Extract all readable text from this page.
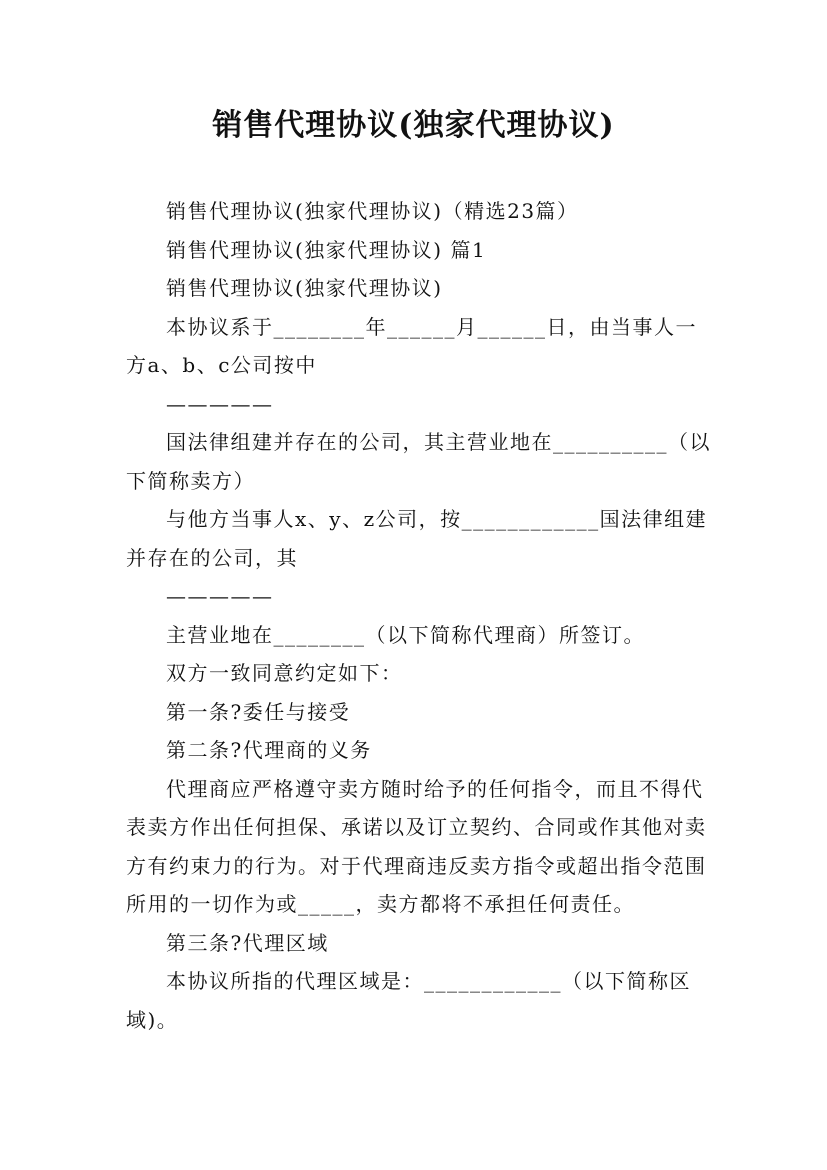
销售代理协议(独家代理协议)

销售代理协议(独家代理协议)（精选23篇）

销售代理协议(独家代理协议) 篇1

销售代理协议(独家代理协议)

本协议系于________年______月______日，由当事人一方a、b、c公司按中

—————

国法律组建并存在的公司，其主营业地在__________（以下简称卖方）

与他方当事人x、y、z公司，按____________国法律组建并存在的公司，其

—————

主营业地在________（以下简称代理商）所签订。

双方一致同意约定如下：

第一条?委任与接受

第二条?代理商的义务

代理商应严格遵守卖方随时给予的任何指令，而且不得代表卖方作出任何担保、承诺以及订立契约、合同或作其他对卖方有约束力的行为。对于代理商违反卖方指令或超出指令范围所用的一切作为或_____，卖方都将不承担任何责任。

第三条?代理区域

本协议所指的代理区域是：____________（以下简称区域)。
